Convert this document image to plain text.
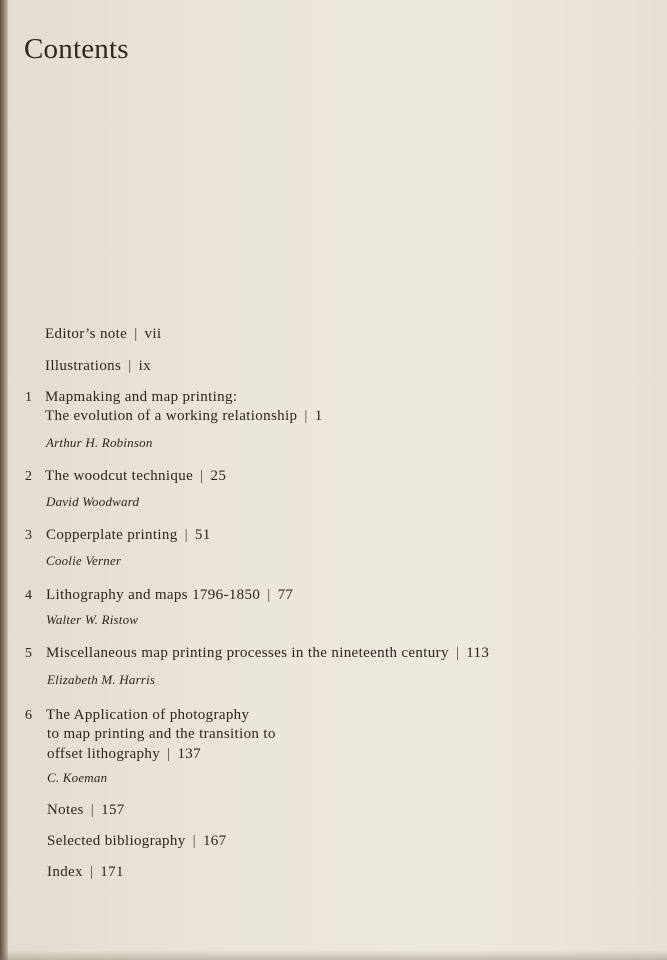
Contents
Editor’s note | vii
Illustrations | ix
1 Mapmaking and map printing:
The evolution of a working relationship | 1
Arthur H. Robinson
2 The woodcut technique | 25
David Woodward
3 Copperplate printing | 51
Coolie Verner
4 Lithography and maps 1796-1850 | 77
Walter W. Ristow
5 Miscellaneous map printing processes in the nineteenth century | 113
Elizabeth M. Harris
6 The Application of photography
to map printing and the transition to
offset lithography | 137
C. Koeman
Notes | 157
Selected bibliography | 167
Index | 171
